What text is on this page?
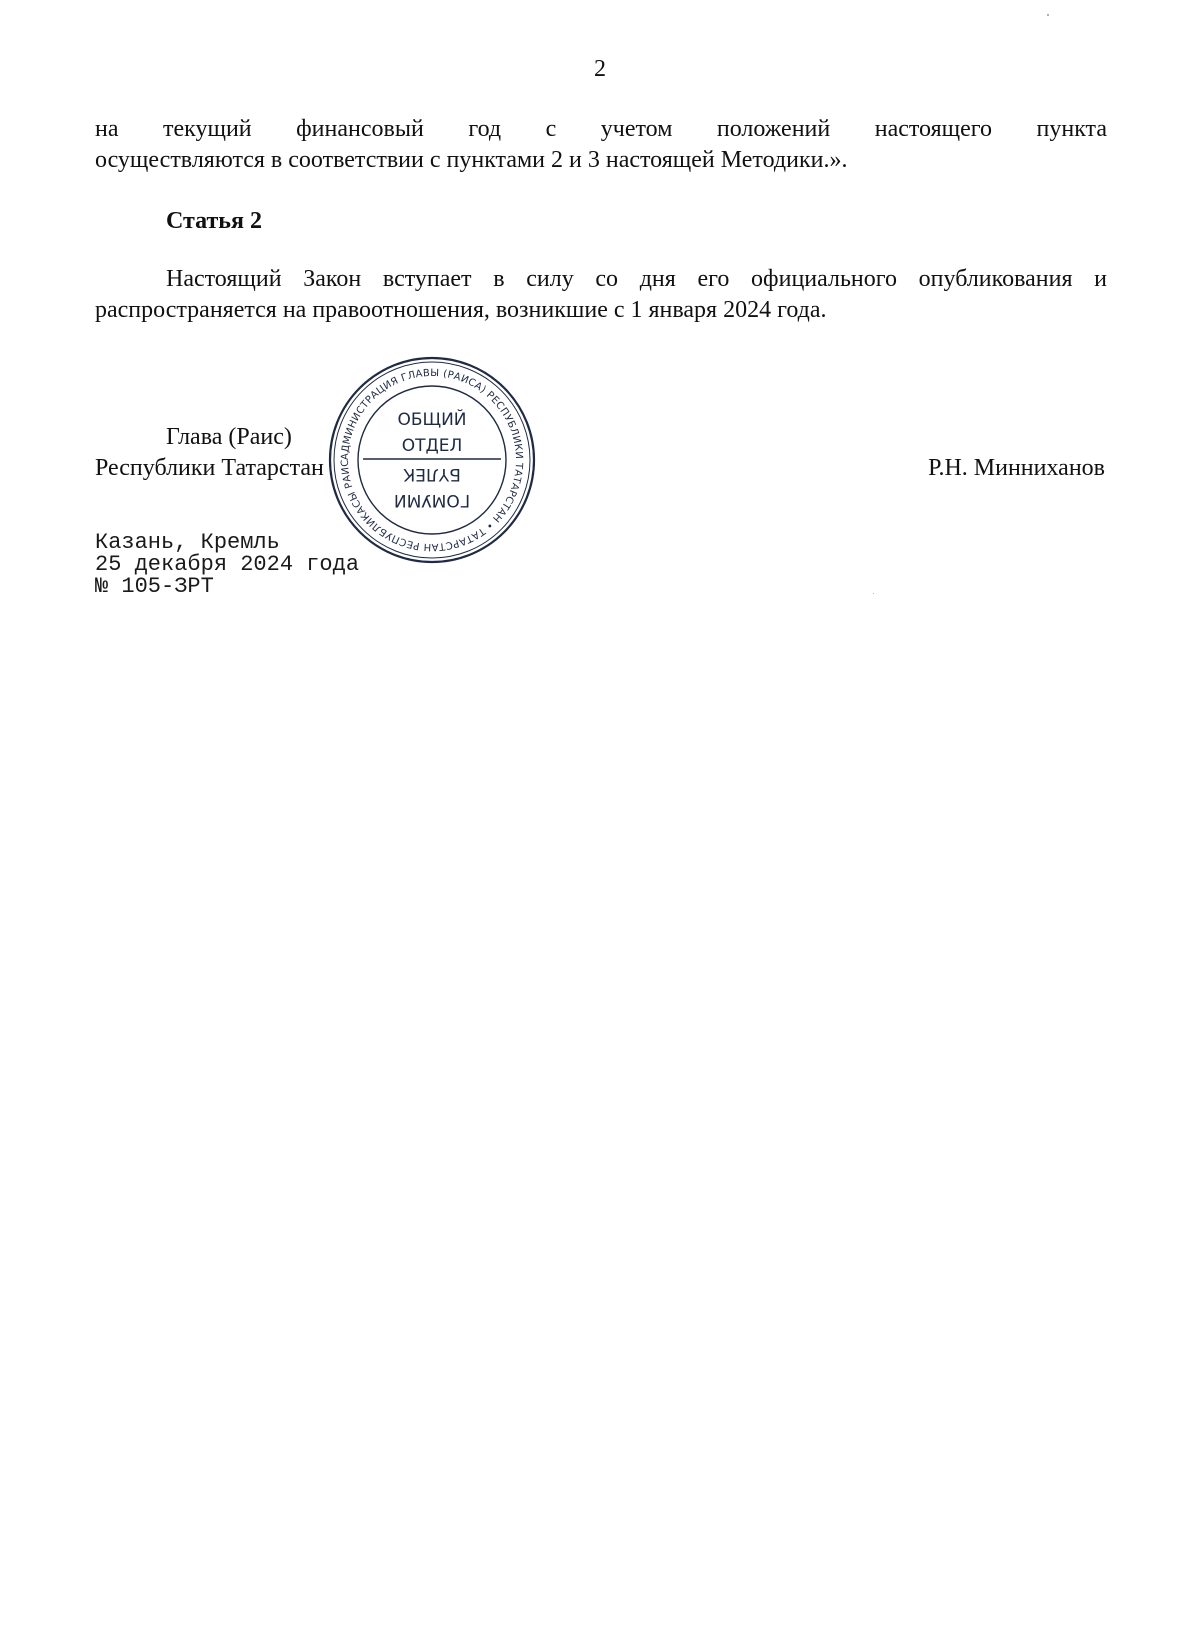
2
на текущий финансовый год с учетом положений настоящего пункта
осуществляются в соответствии с пунктами 2 и 3 настоящей Методики.».
Статья 2
Настоящий Закон вступает в силу со дня его официального опубликования и
распространяется на правоотношения, возникшие с 1 января 2024 года.
Глава (Раис)
Республики Татарстан	Р.Н. Минниханов
Казань, Кремль
25 декабря 2024 года
№ 105-ЗРТ
АДМИНИСТРАЦИЯ ГЛАВЫ (РАИСА) РЕСПУБЛИКИ ТАТАРСТАН • ТАТАРСТАН РЕСПУБЛИКАСЫ РАИСЕ АДМИНИСТРАЦИЯСЕ •
ОБЩИЙ
ОТДЕЛ
ГОМУМИ
БҮЛЕК
